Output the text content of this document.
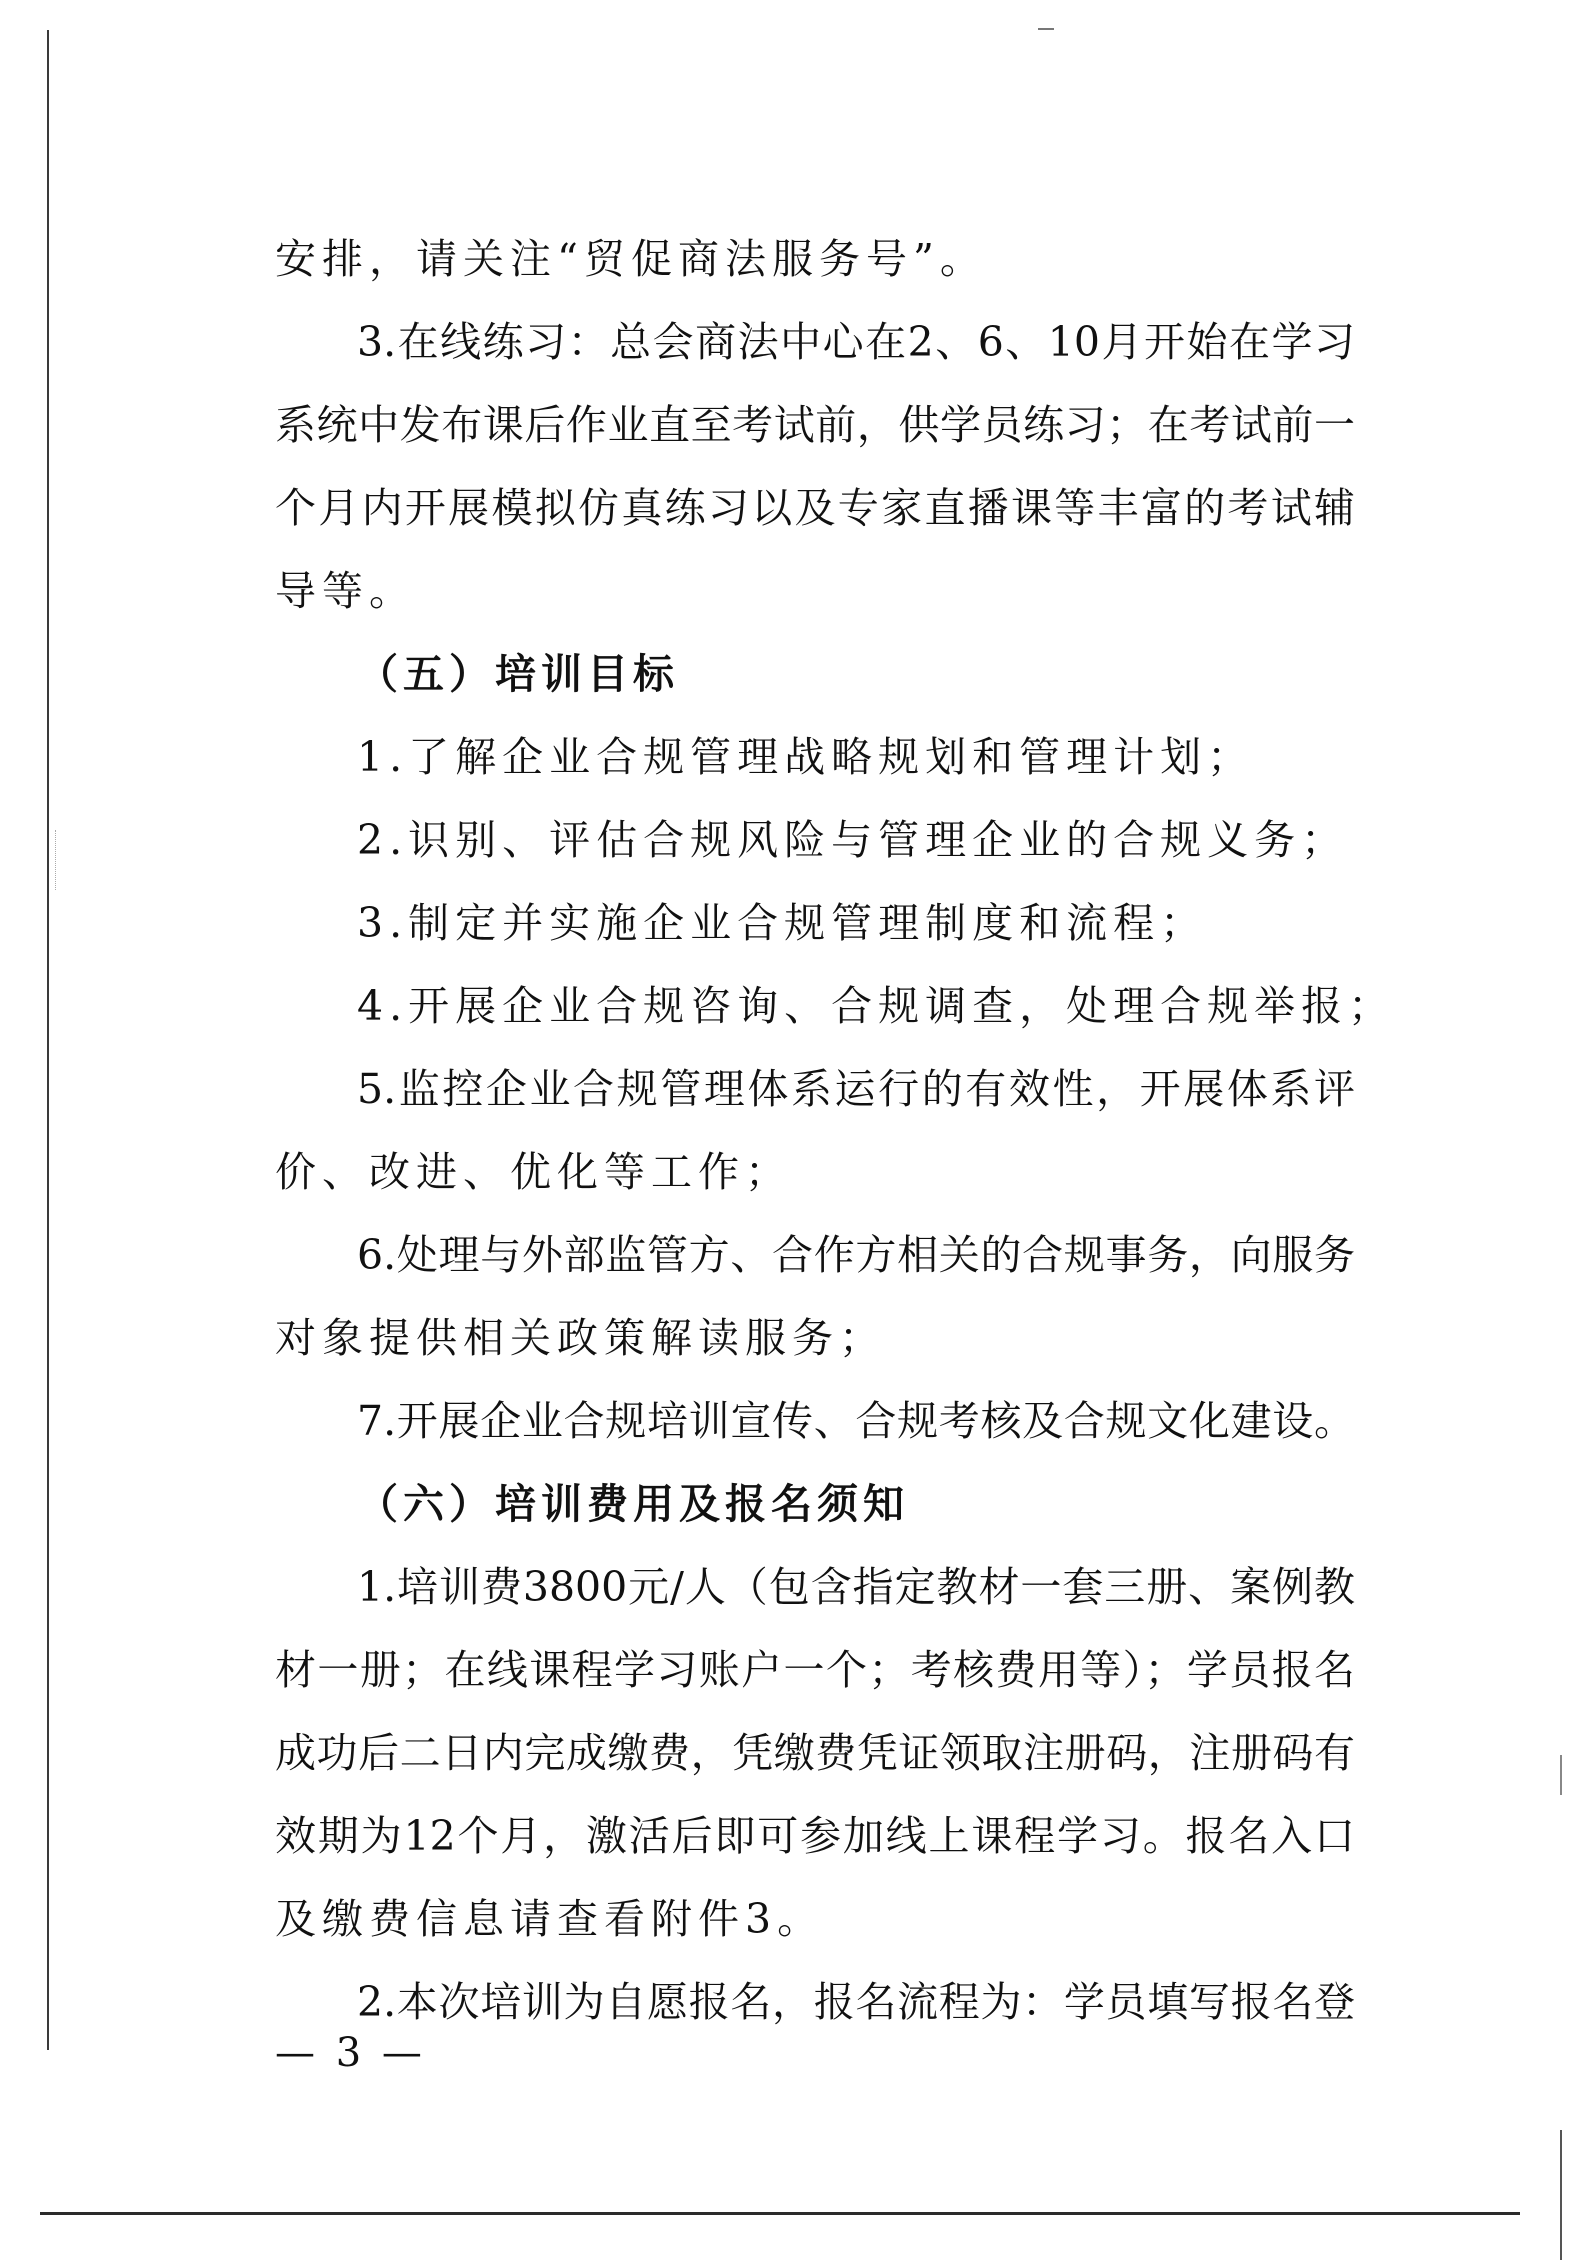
安排，请关注“贸促商法服务号”。
3.在线练习：总会商法中心在2、6、10月开始在学习
系统中发布课后作业直至考试前，供学员练习；在考试前一
个月内开展模拟仿真练习以及专家直播课等丰富的考试辅
导等。
（五）培训目标
1.了解企业合规管理战略规划和管理计划；
2.识别、评估合规风险与管理企业的合规义务；
3.制定并实施企业合规管理制度和流程；
4.开展企业合规咨询、合规调查，处理合规举报；
5.监控企业合规管理体系运行的有效性，开展体系评
价、改进、优化等工作；
6.处理与外部监管方、合作方相关的合规事务，向服务
对象提供相关政策解读服务；
7.开展企业合规培训宣传、合规考核及合规文化建设。
（六）培训费用及报名须知
1.培训费3800元/人（包含指定教材一套三册、案例教
材一册；在线课程学习账户一个；考核费用等）；学员报名
成功后二日内完成缴费，凭缴费凭证领取注册码，注册码有
效期为12个月，激活后即可参加线上课程学习。报名入口
及缴费信息请查看附件3。
2.本次培训为自愿报名，报名流程为：学员填写报名登
— 3 —
